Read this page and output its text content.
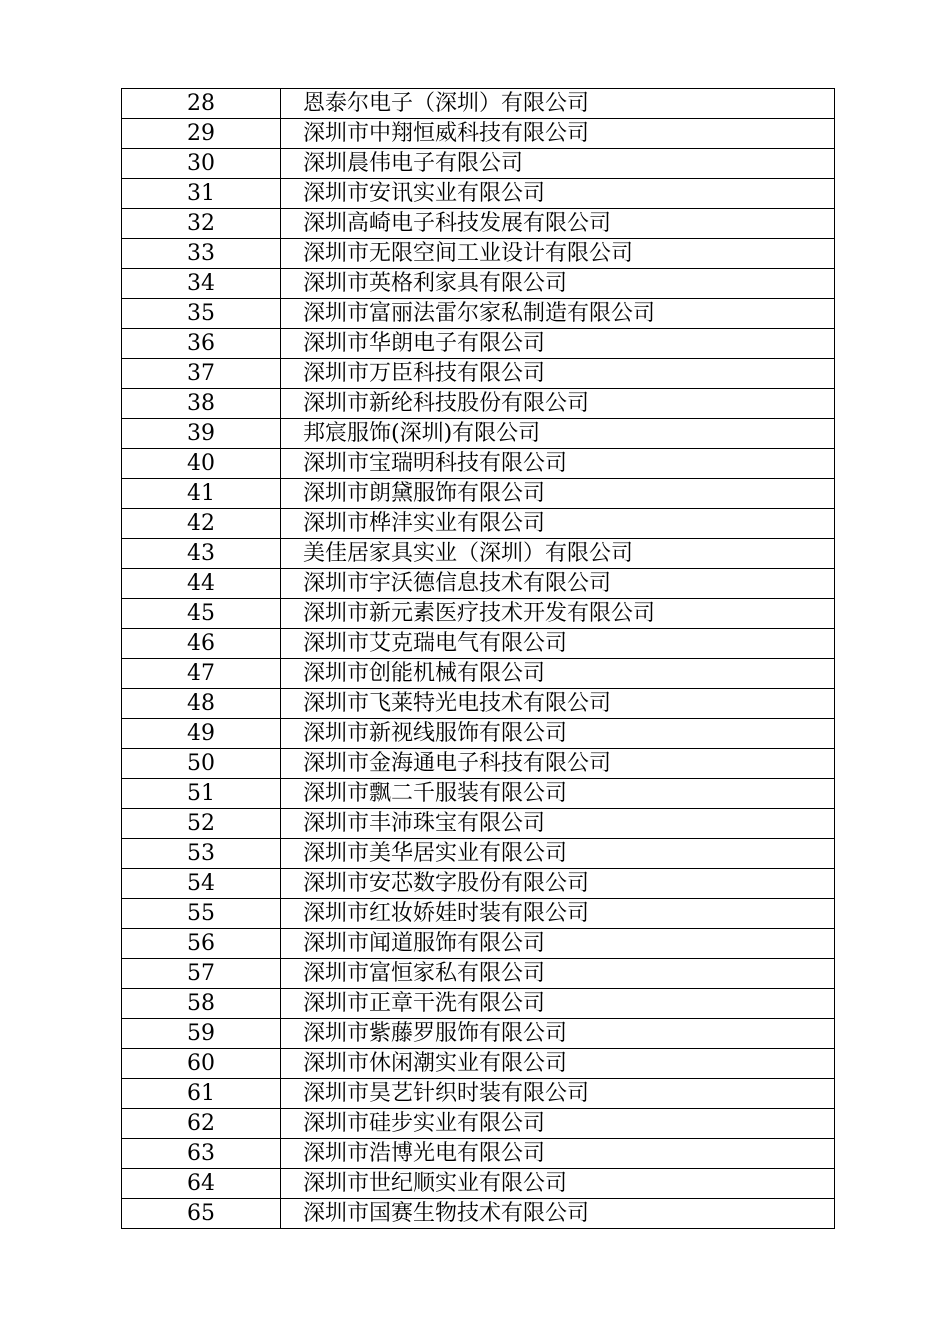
28	恩泰尔电子（深圳）有限公司
29	深圳市中翔恒威科技有限公司
30	深圳晨伟电子有限公司
31	深圳市安讯实业有限公司
32	深圳高崎电子科技发展有限公司
33	深圳市无限空间工业设计有限公司
34	深圳市英格利家具有限公司
35	深圳市富丽法雷尔家私制造有限公司
36	深圳市华朗电子有限公司
37	深圳市万臣科技有限公司
38	深圳市新纶科技股份有限公司
39	邦宸服饰(深圳)有限公司
40	深圳市宝瑞明科技有限公司
41	深圳市朗黛服饰有限公司
42	深圳市桦沣实业有限公司
43	美佳居家具实业（深圳）有限公司
44	深圳市宇沃德信息技术有限公司
45	深圳市新元素医疗技术开发有限公司
46	深圳市艾克瑞电气有限公司
47	深圳市创能机械有限公司
48	深圳市飞莱特光电技术有限公司
49	深圳市新视线服饰有限公司
50	深圳市金海通电子科技有限公司
51	深圳市飘二千服装有限公司
52	深圳市丰沛珠宝有限公司
53	深圳市美华居实业有限公司
54	深圳市安芯数字股份有限公司
55	深圳市红妆娇娃时装有限公司
56	深圳市闻道服饰有限公司
57	深圳市富恒家私有限公司
58	深圳市正章干洗有限公司
59	深圳市紫藤罗服饰有限公司
60	深圳市休闲潮实业有限公司
61	深圳市昊艺针织时装有限公司
62	深圳市硅步实业有限公司
63	深圳市浩博光电有限公司
64	深圳市世纪顺实业有限公司
65	深圳市国赛生物技术有限公司
